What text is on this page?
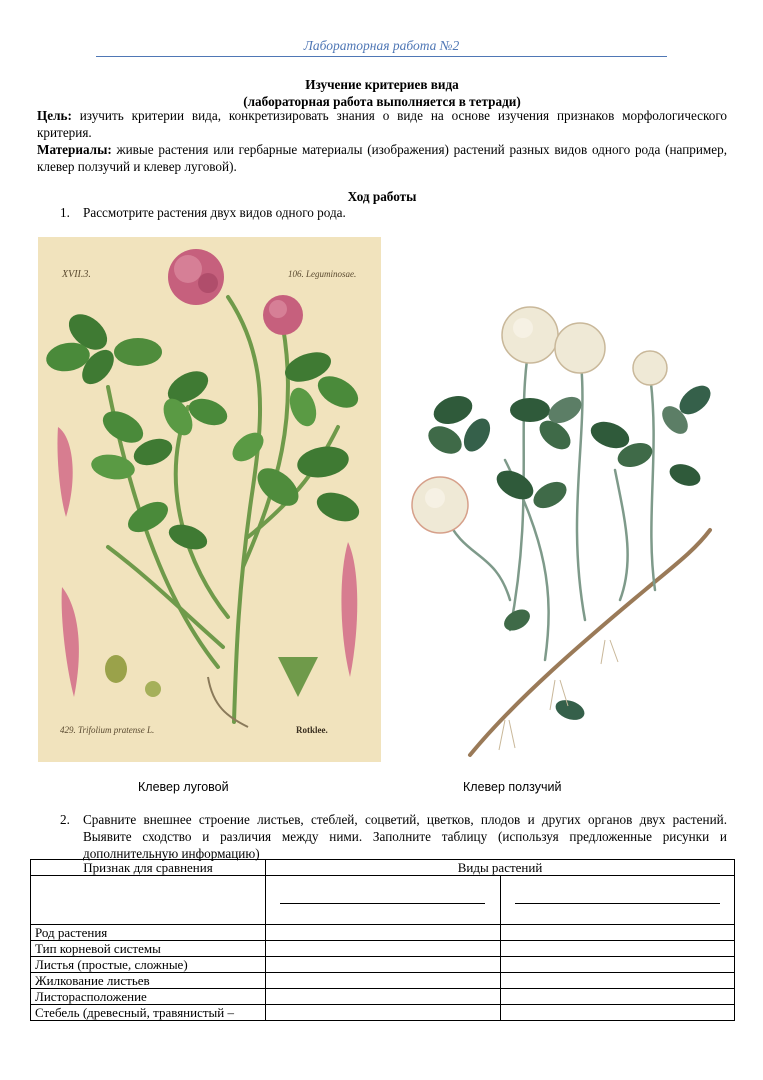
Лабораторная работа №2
Изучение критериев вида
(лабораторная работа выполняется в тетради)
Цель: изучить критерии вида, конкретизировать знания о виде на основе изучения признаков морфологического критерия.
Материалы: живые растения или гербарные материалы (изображения) растений разных видов одного рода (например, клевер ползучий и клевер луговой).
Ход работы
1. Рассмотрите растения двух видов одного рода.
XVII.3.	106. Leguminosae.
429. Trifolium pratense L.	Rotklee.
Клевер луговой	Клевер ползучий
2. Сравните внешнее строение листьев, стеблей, соцветий, цветков, плодов и других органов двух растений. Выявите сходство и различия между ними. Заполните таблицу (используя предложенные рисунки и дополнительную информацию)
Признак для сравнения	Виды растений	

Род растения		
Тип корневой системы		
Листья (простые, сложные)		
Жилкование листьев		
Листорасположение		
Стебель (древесный, травянистый –		
